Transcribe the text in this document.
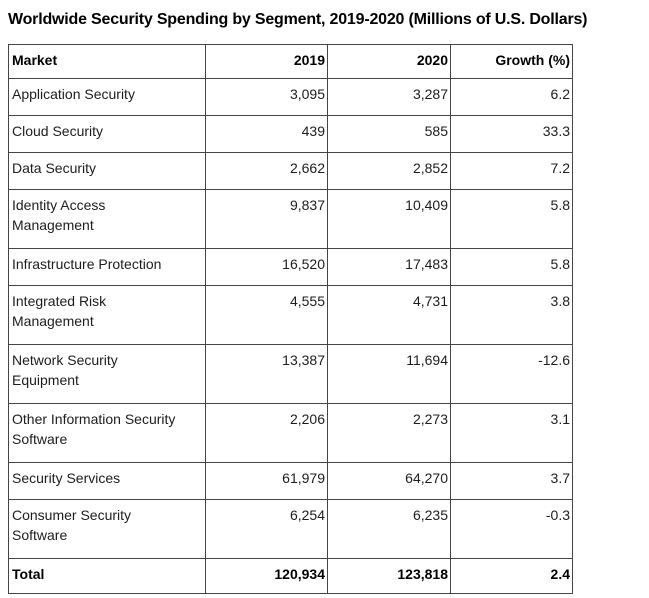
Worldwide Security Spending by Segment, 2019-2020 (Millions of U.S. Dollars)
Market	2019	2020	Growth (%)
Application Security	3,095	3,287	6.2
Cloud Security	439	585	33.3
Data Security	2,662	2,852	7.2
Identity Access Management	9,837	10,409	5.8
Infrastructure Protection	16,520	17,483	5.8
Integrated Risk Management	4,555	4,731	3.8
Network Security Equipment	13,387	11,694	-12.6
Other Information Security Software	2,206	2,273	3.1
Security Services	61,979	64,270	3.7
Consumer Security Software	6,254	6,235	-0.3
Total	120,934	123,818	2.4
